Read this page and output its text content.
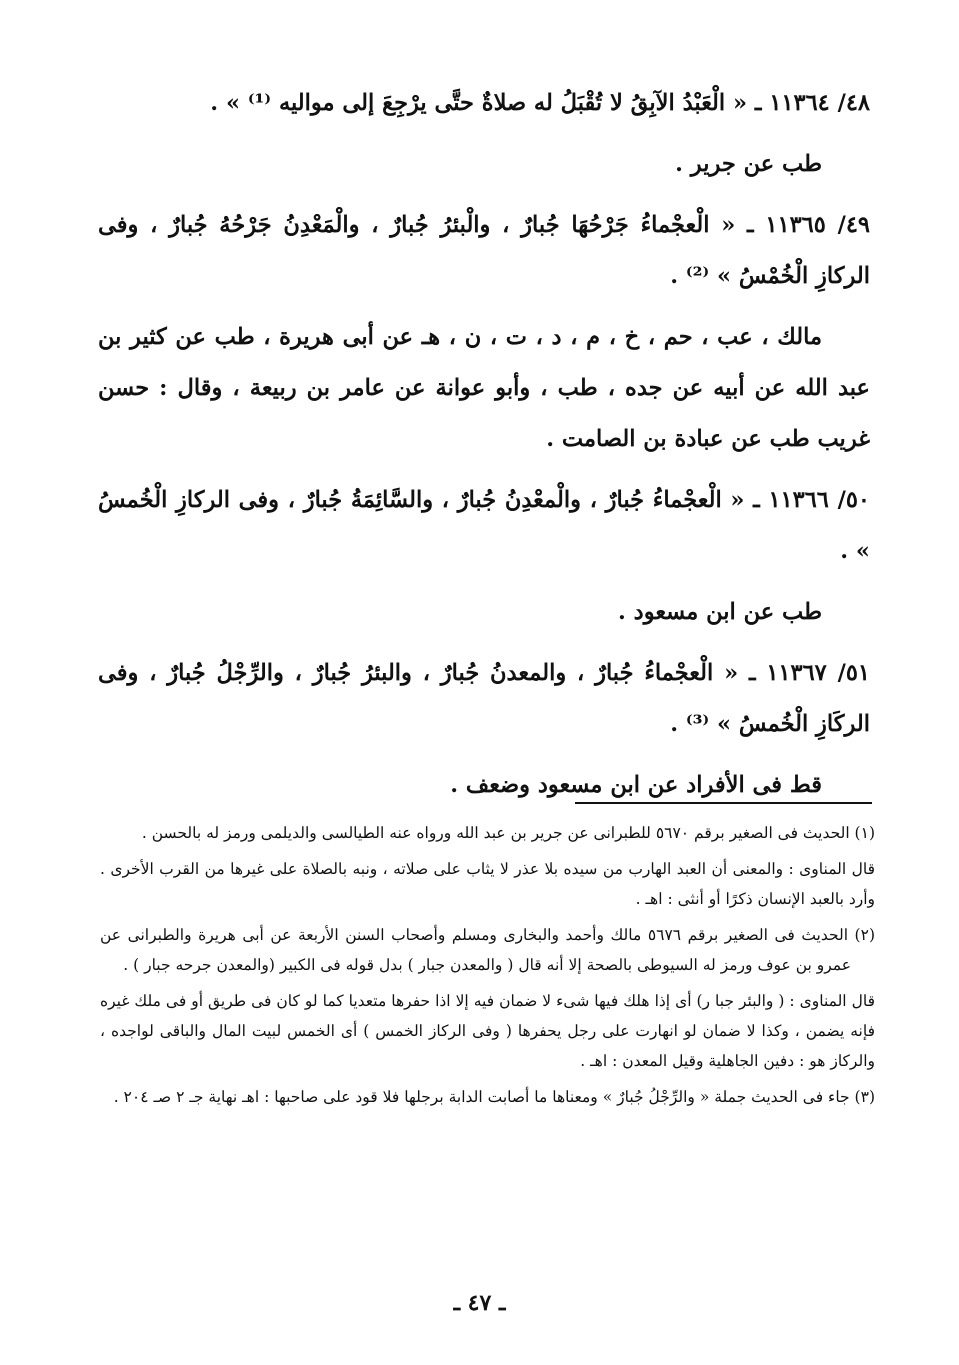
٤٨/ ١١٣٦٤ ـ « الْعَبْدُ الآبِقُ لا تُقْبَلُ له صلاةٌ حتَّى يرْجِعَ إلى مواليه ⁽¹⁾ » .

طب عن جرير .

٤٩/ ١١٣٦٥ ـ « الْعجْماءُ جَرْحُهَا جُبارٌ ، والْبئرُ جُبارٌ ، والْمَعْدِنُ جَرْحُهُ جُبارٌ ، وفى الركازِ الْخُمْسُ » ⁽²⁾ .

مالك ، عب ، حم ، خ ، م ، د ، ت ، ن ، هـ عن أبى هريرة ، طب عن كثير بن عبد الله عن أبيه عن جده ، طب ، وأبو عوانة عن عامر بن ربيعة ، وقال : حسن غريب طب عن عبادة بن الصامت .

٥٠/ ١١٣٦٦ ـ « الْعجْماءُ جُبارٌ ، والْمعْدِنُ جُبارٌ ، والسَّائِمَةُ جُبارٌ ، وفى الركازِ الْخُمسُ » .

طب عن ابن مسعود .

٥١/ ١١٣٦٧ ـ « الْعجْماءُ جُبارٌ ، والمعدنُ جُبارٌ ، والبئرُ جُبارٌ ، والرِّجْلُ جُبارٌ ، وفى الركَازِ الْخُمسُ » ⁽³⁾ .

قط فى الأفراد عن ابن مسعود وضعف .

(١) الحديث فى الصغير برقم ٥٦٧٠ للطبرانى عن جرير بن عبد الله ورواه عنه الطيالسى والديلمى ورمز له بالحسن .

قال المناوى : والمعنى أن العبد الهارب من سيده بلا عذر لا يثاب على صلاته ، ونبه بالصلاة على غيرها من القرب الأخرى . وأرد بالعبد الإنسان ذكرًا أو أنثى : اهـ .

(٢) الحديث فى الصغير برقم ٥٦٧٦ مالك وأحمد والبخارى ومسلم وأصحاب السنن الأربعة عن أبى هريرة والطبرانى عن عمرو بن عوف ورمز له السيوطى بالصحة إلا أنه قال ( والمعدن جبار ) بدل قوله فى الكبير (والمعدن جرحه جبار ) .

قال المناوى : ( والبئر جبا ر) أى إذا هلك فيها شىء لا ضمان فيه إلا اذا حفرها متعديا كما لو كان فى طريق أو فى ملك غيره فإنه يضمن ، وكذا لا ضمان لو انهارت على رجل يحفرها ( وفى الركاز الخمس ) أى الخمس لبيت المال والباقى لواجده ، والركاز هو : دفين الجاهلية وقيل المعدن : اهـ .

(٣) جاء فى الحديث جملة « والرِّجْلُ جُبارٌ » ومعناها ما أصابت الدابة برجلها فلا قود على صاحبها : اهـ نهاية جـ ٢ صـ ٢٠٤ .

ـ ٤٧ ـ
